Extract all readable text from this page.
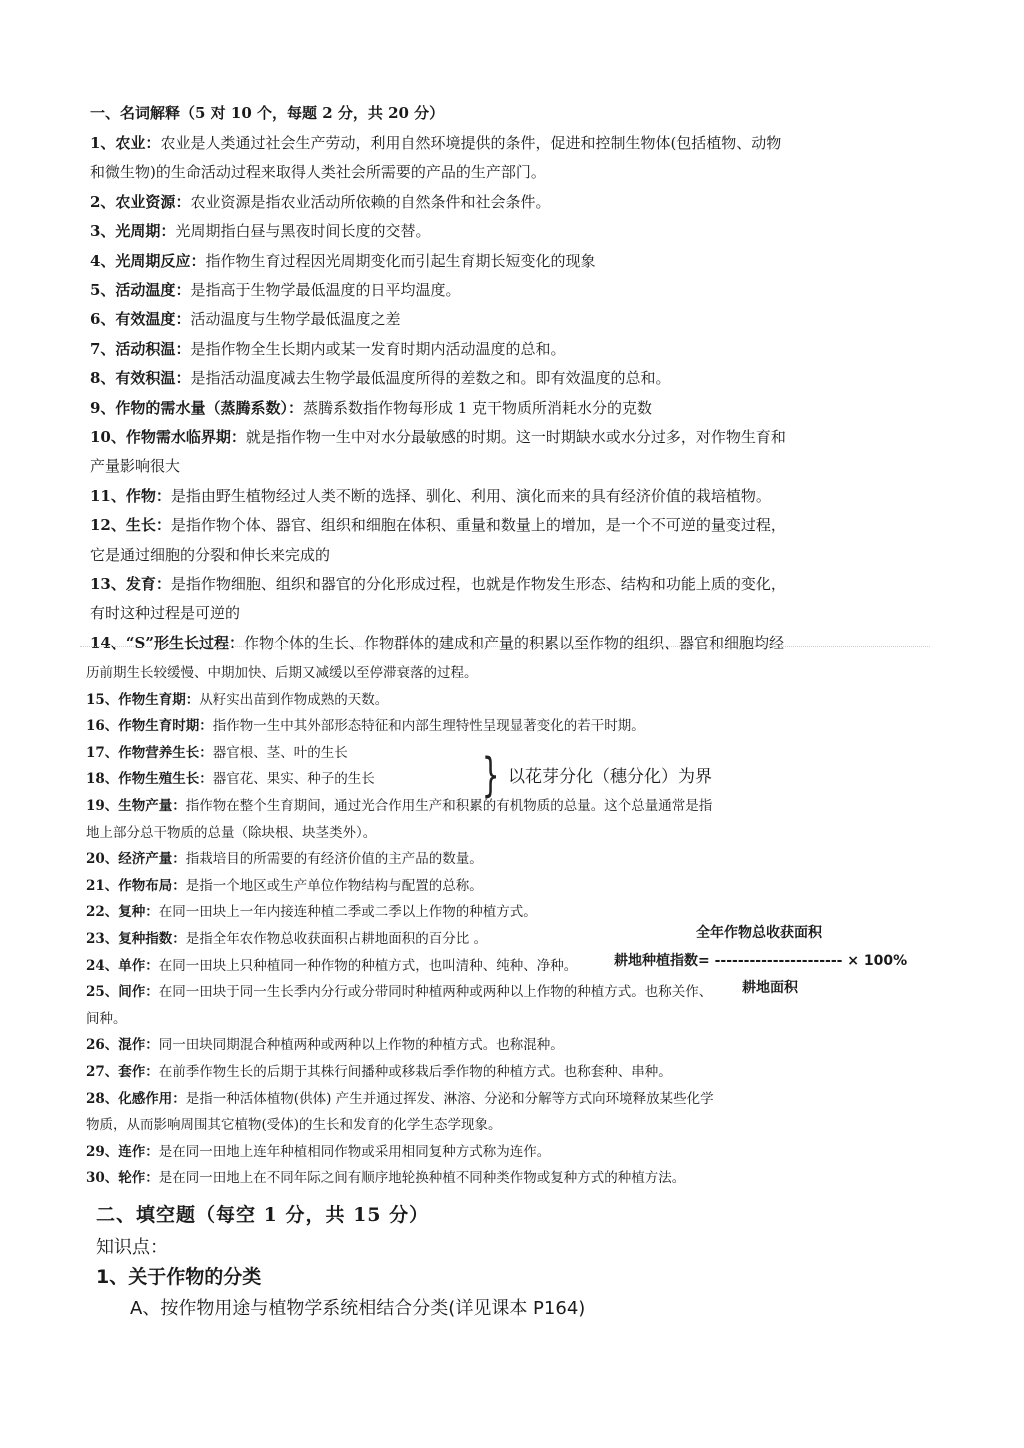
一、名词解释（5 对 10 个，每题 2 分，共 20 分）
1、农业：农业是人类通过社会生产劳动，利用自然环境提供的条件，促进和控制生物体(包括植物、动物
和微生物)的生命活动过程来取得人类社会所需要的产品的生产部门。
2、农业资源：农业资源是指农业活动所依赖的自然条件和社会条件。
3、光周期：光周期指白昼与黑夜时间长度的交替。
4、光周期反应：指作物生育过程因光周期变化而引起生育期长短变化的现象
5、活动温度：是指高于生物学最低温度的日平均温度。
6、有效温度：活动温度与生物学最低温度之差
7、活动积温：是指作物全生长期内或某一发育时期内活动温度的总和。
8、有效积温：是指活动温度减去生物学最低温度所得的差数之和。即有效温度的总和。
9、作物的需水量（蒸腾系数）：蒸腾系数指作物每形成 1 克干物质所消耗水分的克数
10、作物需水临界期：就是指作物一生中对水分最敏感的时期。这一时期缺水或水分过多，对作物生育和
产量影响很大
11、作物：是指由野生植物经过人类不断的选择、驯化、利用、演化而来的具有经济价值的栽培植物。
12、生长：是指作物个体、器官、组织和细胞在体积、重量和数量上的增加，是一个不可逆的量变过程，
它是通过细胞的分裂和伸长来完成的
13、发育：是指作物细胞、组织和器官的分化形成过程，也就是作物发生形态、结构和功能上质的变化，
有时这种过程是可逆的
14、“S”形生长过程：作物个体的生长、作物群体的建成和产量的积累以至作物的组织、器官和细胞均经
历前期生长较缓慢、中期加快、后期又减缓以至停滞衰落的过程。
15、作物生育期：从籽实出苗到作物成熟的天数。
16、作物生育时期：指作物一生中其外部形态特征和内部生理特性呈现显著变化的若干时期。
17、作物营养生长：器官根、茎、叶的生长
18、作物生殖生长：器官花、果实、种子的生长
19、生物产量：指作物在整个生育期间，通过光合作用生产和积累的有机物质的总量。这个总量通常是指
地上部分总干物质的总量（除块根、块茎类外）。
20、经济产量：指栽培目的所需要的有经济价值的主产品的数量。
21、作物布局：是指一个地区或生产单位作物结构与配置的总称。
22、复种：在同一田块上一年内接连种植二季或二季以上作物的种植方式。
23、复种指数：是指全年农作物总收获面积占耕地面积的百分比 。
24、单作：在同一田块上只种植同一种作物的种植方式，也叫清种、纯种、净种。
25、间作：在同一田块于同一生长季内分行或分带同时种植两种或两种以上作物的种植方式。也称关作、
间种。
26、混作：同一田块同期混合种植两种或两种以上作物的种植方式。也称混种。
27、套作：在前季作物生长的后期于其株行间播种或移栽后季作物的种植方式。也称套种、串种。
28、化感作用：是指一种活体植物(供体) 产生并通过挥发、淋溶、分泌和分解等方式向环境释放某些化学
物质，从而影响周围其它植物(受体)的生长和发育的化学生态学现象。
29、连作：是在同一田地上连年种植相同作物或采用相同复种方式称为连作。
30、轮作：是在同一田地上在不同年际之间有顺序地轮换种植不同种类作物或复种方式的种植方法。
} 以花芽分化（穗分化）为界
全年作物总收获面积
耕地种植指数= ---------------------- × 100%
耕地面积
二、填空题（每空 1 分，共 15 分）
知识点：
1、关于作物的分类
A、按作物用途与植物学系统相结合分类(详见课本 P164)
